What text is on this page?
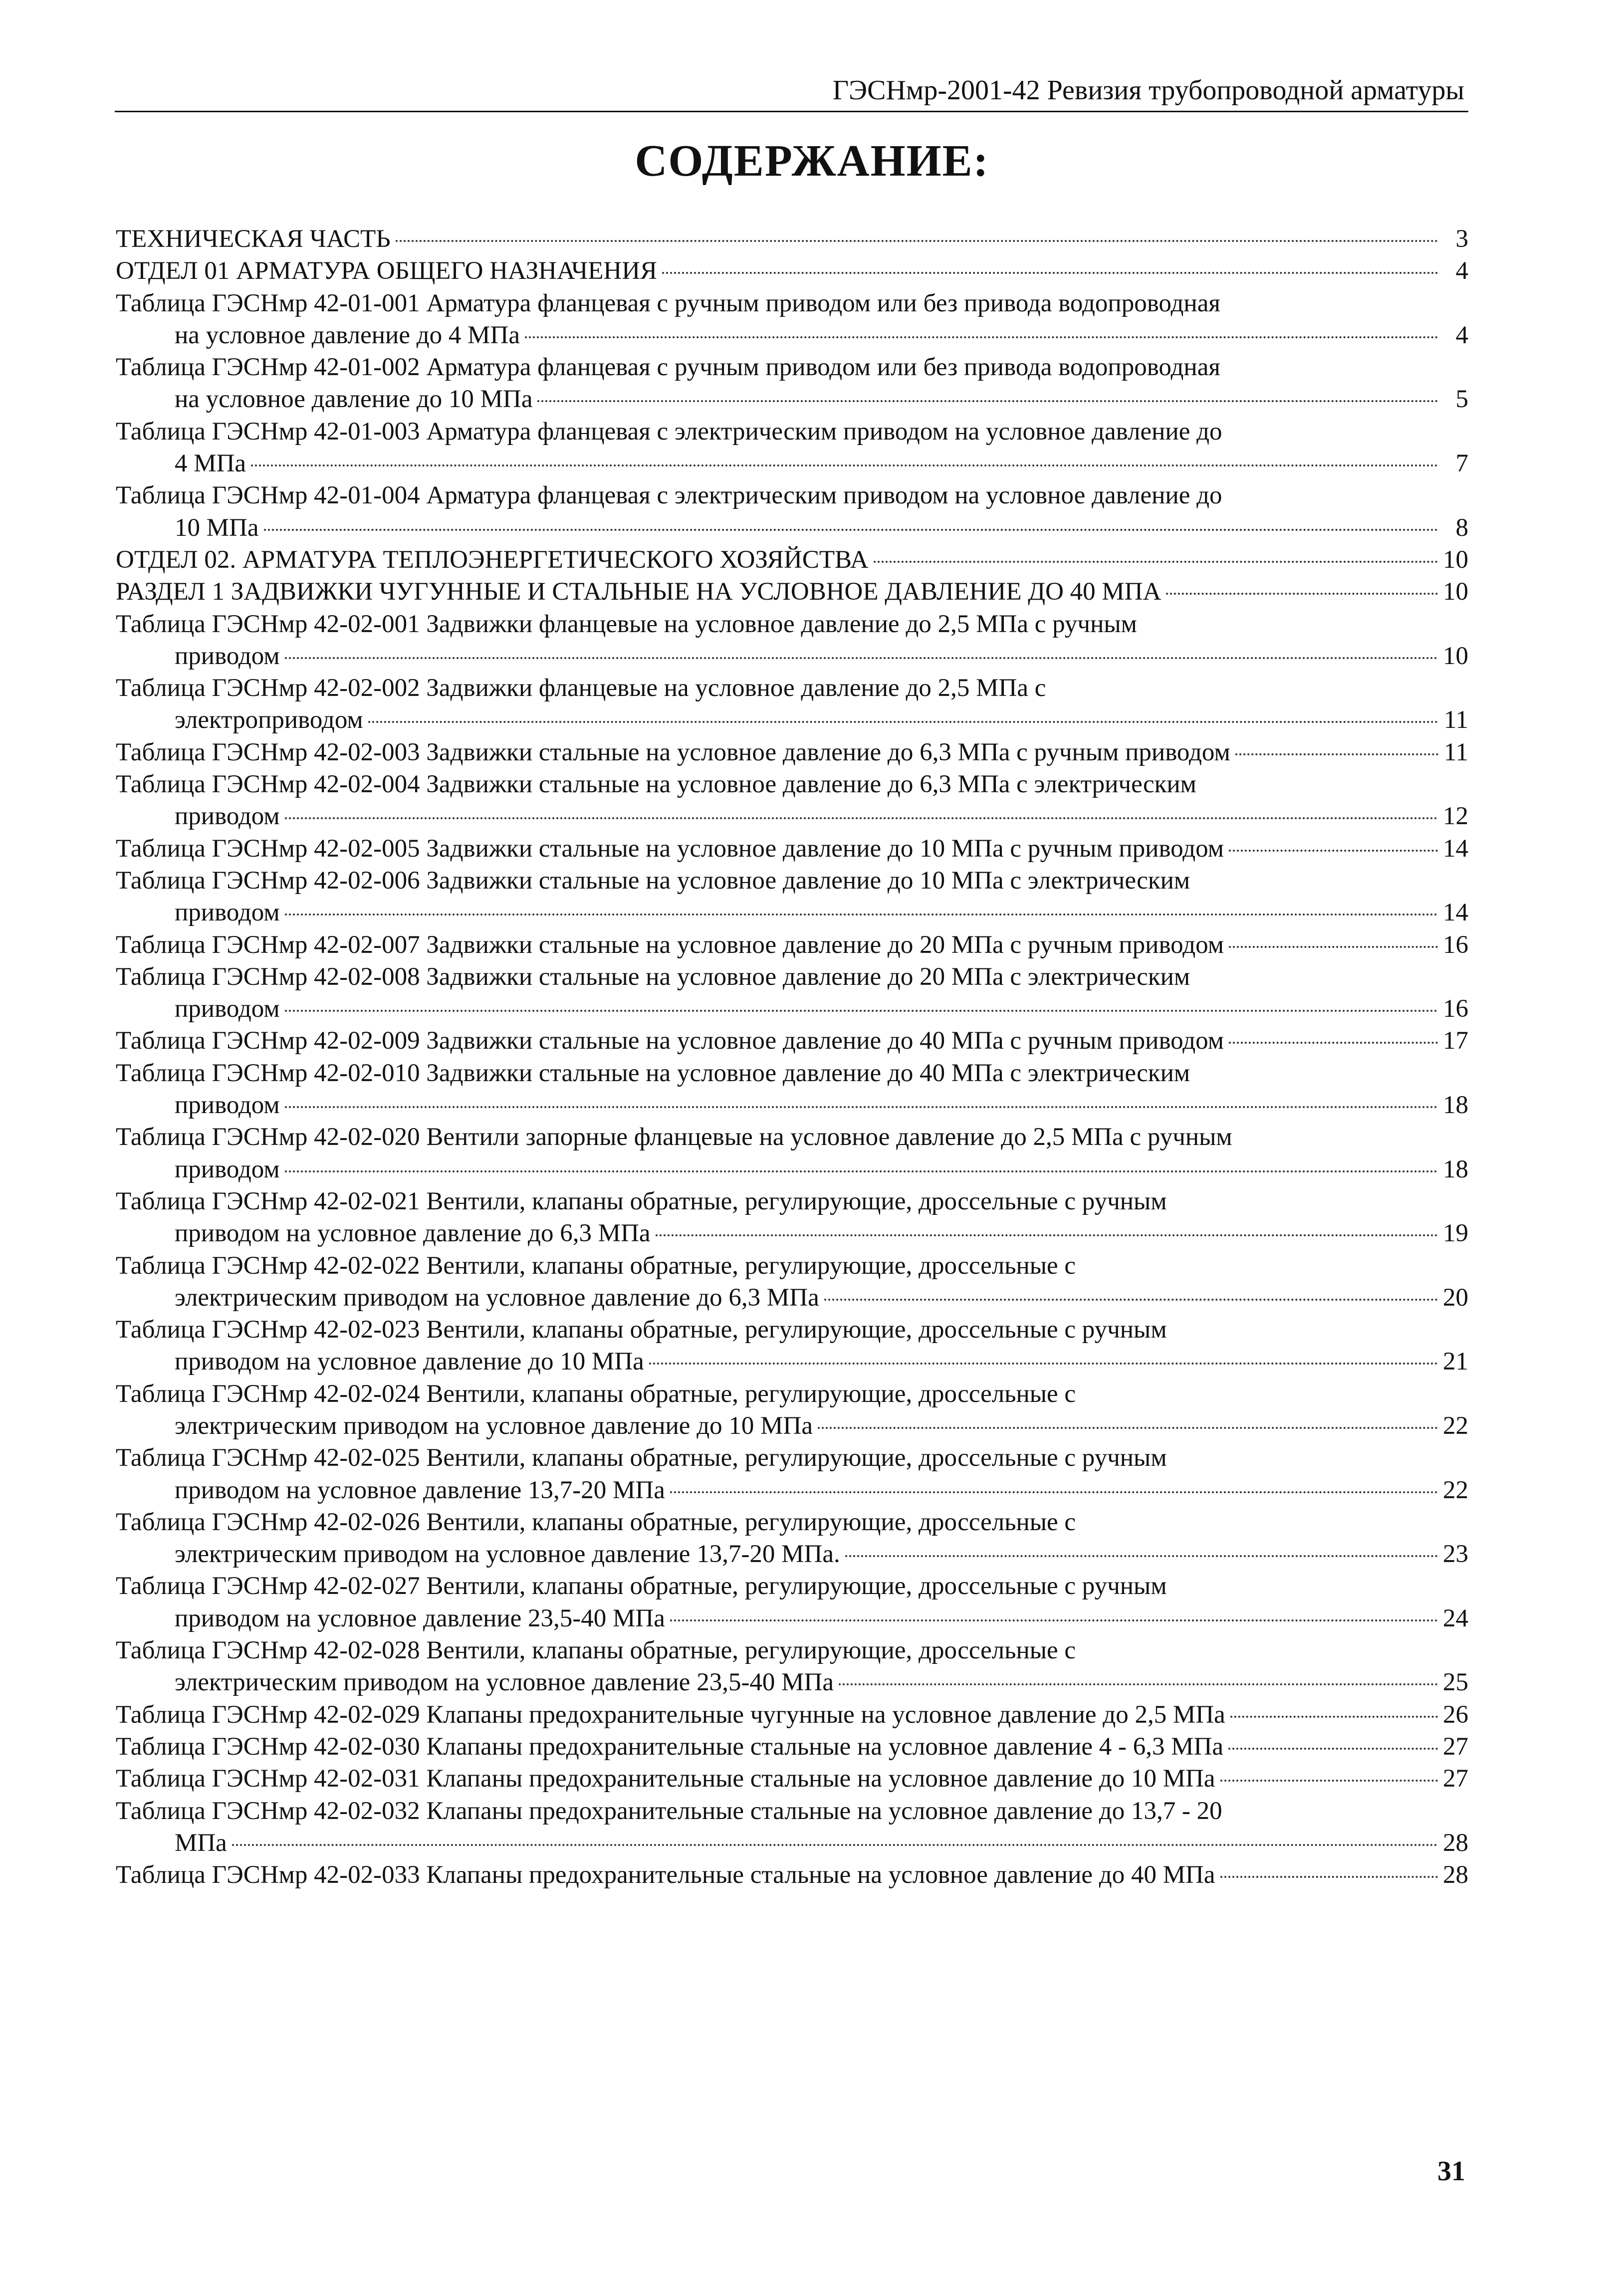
ГЭСНмр-2001-42 Ревизия трубопроводной арматуры
СОДЕРЖАНИЕ:
ТЕХНИЧЕСКАЯ ЧАСТЬ	3
ОТДЕЛ 01 АРМАТУРА ОБЩЕГО НАЗНАЧЕНИЯ	4
Таблица ГЭСНмр 42-01-001 Арматура фланцевая с ручным приводом или без привода водопроводная
на условное давление до 4 МПа	4
Таблица ГЭСНмр 42-01-002 Арматура фланцевая с ручным приводом или без привода водопроводная
на условное давление до 10 МПа	5
Таблица ГЭСНмр 42-01-003 Арматура фланцевая с электрическим приводом на условное давление до
4 МПа	7
Таблица ГЭСНмр 42-01-004 Арматура фланцевая с электрическим приводом на условное давление до
10 МПа	8
ОТДЕЛ 02. АРМАТУРА ТЕПЛОЭНЕРГЕТИЧЕСКОГО ХОЗЯЙСТВА	10
РАЗДЕЛ 1 ЗАДВИЖКИ ЧУГУННЫЕ И СТАЛЬНЫЕ НА УСЛОВНОЕ ДАВЛЕНИЕ ДО 40 МПА	10
Таблица ГЭСНмр 42-02-001 Задвижки фланцевые на условное давление до 2,5 МПа с ручным
приводом	10
Таблица ГЭСНмр 42-02-002 Задвижки фланцевые на условное давление до 2,5 МПа с
электроприводом	11
Таблица ГЭСНмр 42-02-003 Задвижки стальные на условное давление до 6,3 МПа с ручным приводом	11
Таблица ГЭСНмр 42-02-004 Задвижки стальные на условное давление до 6,3 МПа с электрическим
приводом	12
Таблица ГЭСНмр 42-02-005 Задвижки стальные на условное давление до 10 МПа с ручным приводом	14
Таблица ГЭСНмр 42-02-006 Задвижки стальные на условное давление до 10 МПа с электрическим
приводом	14
Таблица ГЭСНмр 42-02-007 Задвижки стальные на условное давление до 20 МПа с ручным приводом	16
Таблица ГЭСНмр 42-02-008 Задвижки стальные на условное давление до 20 МПа с электрическим
приводом	16
Таблица ГЭСНмр 42-02-009 Задвижки стальные на условное давление до 40 МПа с ручным приводом	17
Таблица ГЭСНмр 42-02-010 Задвижки стальные на условное давление до 40 МПа с электрическим
приводом	18
Таблица ГЭСНмр 42-02-020 Вентили запорные фланцевые на условное давление до 2,5 МПа с ручным
приводом	18
Таблица ГЭСНмр 42-02-021 Вентили, клапаны обратные, регулирующие, дроссельные с ручным
приводом на условное давление до 6,3 МПа	19
Таблица ГЭСНмр 42-02-022 Вентили, клапаны обратные, регулирующие, дроссельные с
электрическим приводом на условное давление до 6,3 МПа	20
Таблица ГЭСНмр 42-02-023 Вентили, клапаны обратные, регулирующие, дроссельные с ручным
приводом на условное давление до 10 МПа	21
Таблица ГЭСНмр 42-02-024 Вентили, клапаны обратные, регулирующие, дроссельные с
электрическим приводом на условное давление до 10 МПа	22
Таблица ГЭСНмр 42-02-025 Вентили, клапаны обратные, регулирующие, дроссельные с ручным
приводом на условное давление 13,7-20 МПа	22
Таблица ГЭСНмр 42-02-026 Вентили, клапаны обратные, регулирующие, дроссельные с
электрическим приводом на условное давление 13,7-20 МПа.	23
Таблица ГЭСНмр 42-02-027 Вентили, клапаны обратные, регулирующие, дроссельные с ручным
приводом на условное давление 23,5-40 МПа	24
Таблица ГЭСНмр 42-02-028 Вентили, клапаны обратные, регулирующие, дроссельные с
электрическим приводом на условное давление 23,5-40 МПа	25
Таблица ГЭСНмр 42-02-029 Клапаны предохранительные чугунные на условное давление до 2,5 МПа	26
Таблица ГЭСНмр 42-02-030 Клапаны предохранительные стальные на условное давление 4 - 6,3 МПа	27
Таблица ГЭСНмр 42-02-031 Клапаны предохранительные стальные на условное давление до 10 МПа	27
Таблица ГЭСНмр 42-02-032 Клапаны предохранительные стальные на условное давление до 13,7 - 20
МПа	28
Таблица ГЭСНмр 42-02-033 Клапаны предохранительные стальные на условное давление до 40 МПа	28
31
